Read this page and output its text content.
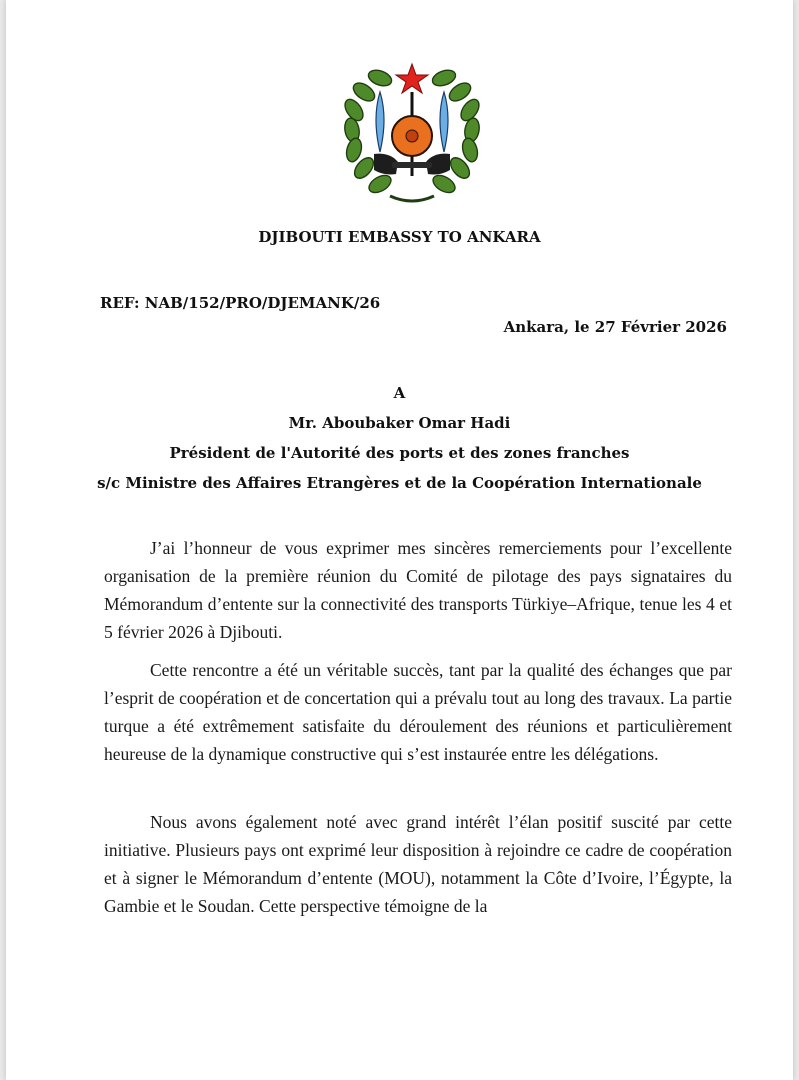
DJIBOUTI EMBASSY TO ANKARA
REF: NAB/152/PRO/DJEMANK/26
Ankara, le 27 Février 2026
A
Mr. Aboubaker Omar Hadi
Président de l'Autorité des ports et des zones franches
s/c Ministre des Affaires Etrangères et de la Coopération Internationale

J’ai l’honneur de vous exprimer mes sincères remerciements pour l’excellente organisation de la première réunion du Comité de pilotage des pays signataires du Mémorandum d’entente sur la connectivité des transports Türkiye–Afrique, tenue les 4 et 5 février 2026 à Djibouti.

Cette rencontre a été un véritable succès, tant par la qualité des échanges que par l’esprit de coopération et de concertation qui a prévalu tout au long des travaux. La partie turque a été extrêmement satisfaite du déroulement des réunions et particulièrement heureuse de la dynamique constructive qui s’est instaurée entre les délégations.

Nous avons également noté avec grand intérêt l’élan positif suscité par cette initiative. Plusieurs pays ont exprimé leur disposition à rejoindre ce cadre de coopération et à signer le Mémorandum d’entente (MOU), notamment la Côte d’Ivoire, l’Égypte, la Gambie et le Soudan. Cette perspective témoigne de la
